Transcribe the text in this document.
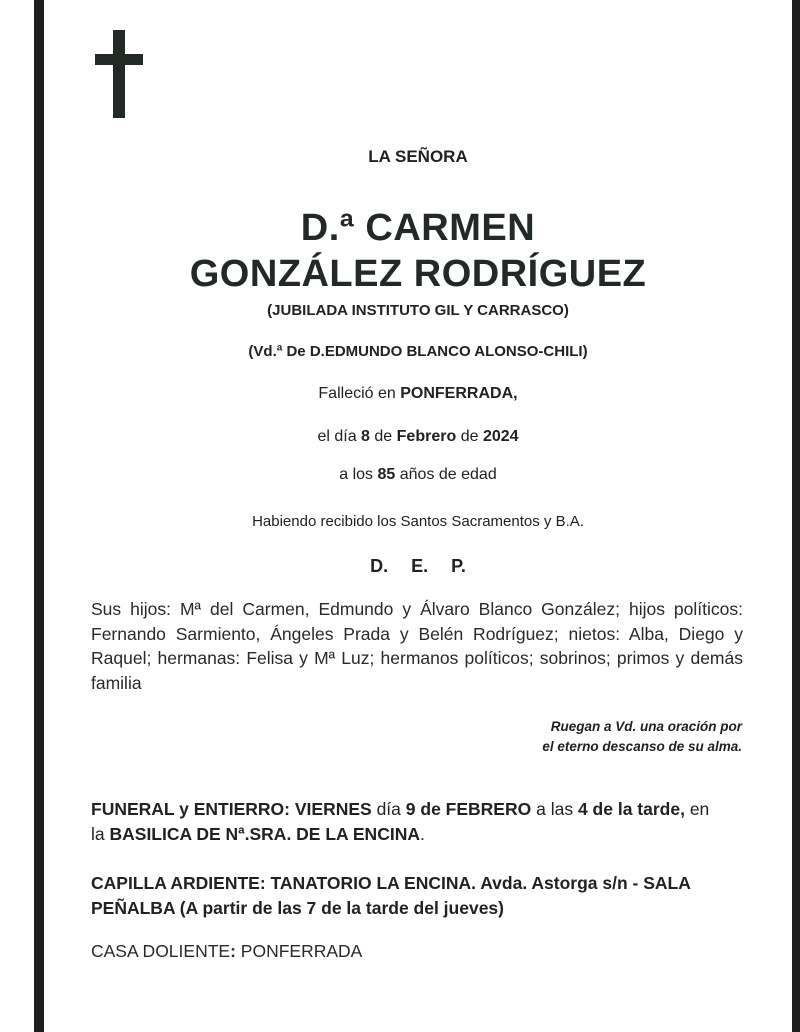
LA SEÑORA
D.ª CARMEN
GONZÁLEZ RODRÍGUEZ
(JUBILADA INSTITUTO GIL Y CARRASCO)
(Vd.ª De D.EDMUNDO BLANCO ALONSO-CHILI)
Falleció en PONFERRADA,
el día 8 de Febrero de 2024
a los 85 años de edad
Habiendo recibido los Santos Sacramentos y B.A.
D. E. P.
Sus hijos: Mª del Carmen, Edmundo y Álvaro Blanco González; hijos políticos: Fernando Sarmiento, Ángeles Prada y Belén Rodríguez; nietos: Alba, Diego y Raquel; hermanas: Felisa y Mª Luz; hermanos políticos; sobrinos; primos y demás familia
Ruegan a Vd. una oración por
el eterno descanso de su alma.
FUNERAL y ENTIERRO: VIERNES día 9 de FEBRERO a las 4 de la tarde, en
la BASILICA DE Nª.SRA. DE LA ENCINA.
CAPILLA ARDIENTE: TANATORIO LA ENCINA. Avda. Astorga s/n - SALA PEÑALBA (A partir de las 7 de la tarde del jueves)
CASA DOLIENTE: PONFERRADA
